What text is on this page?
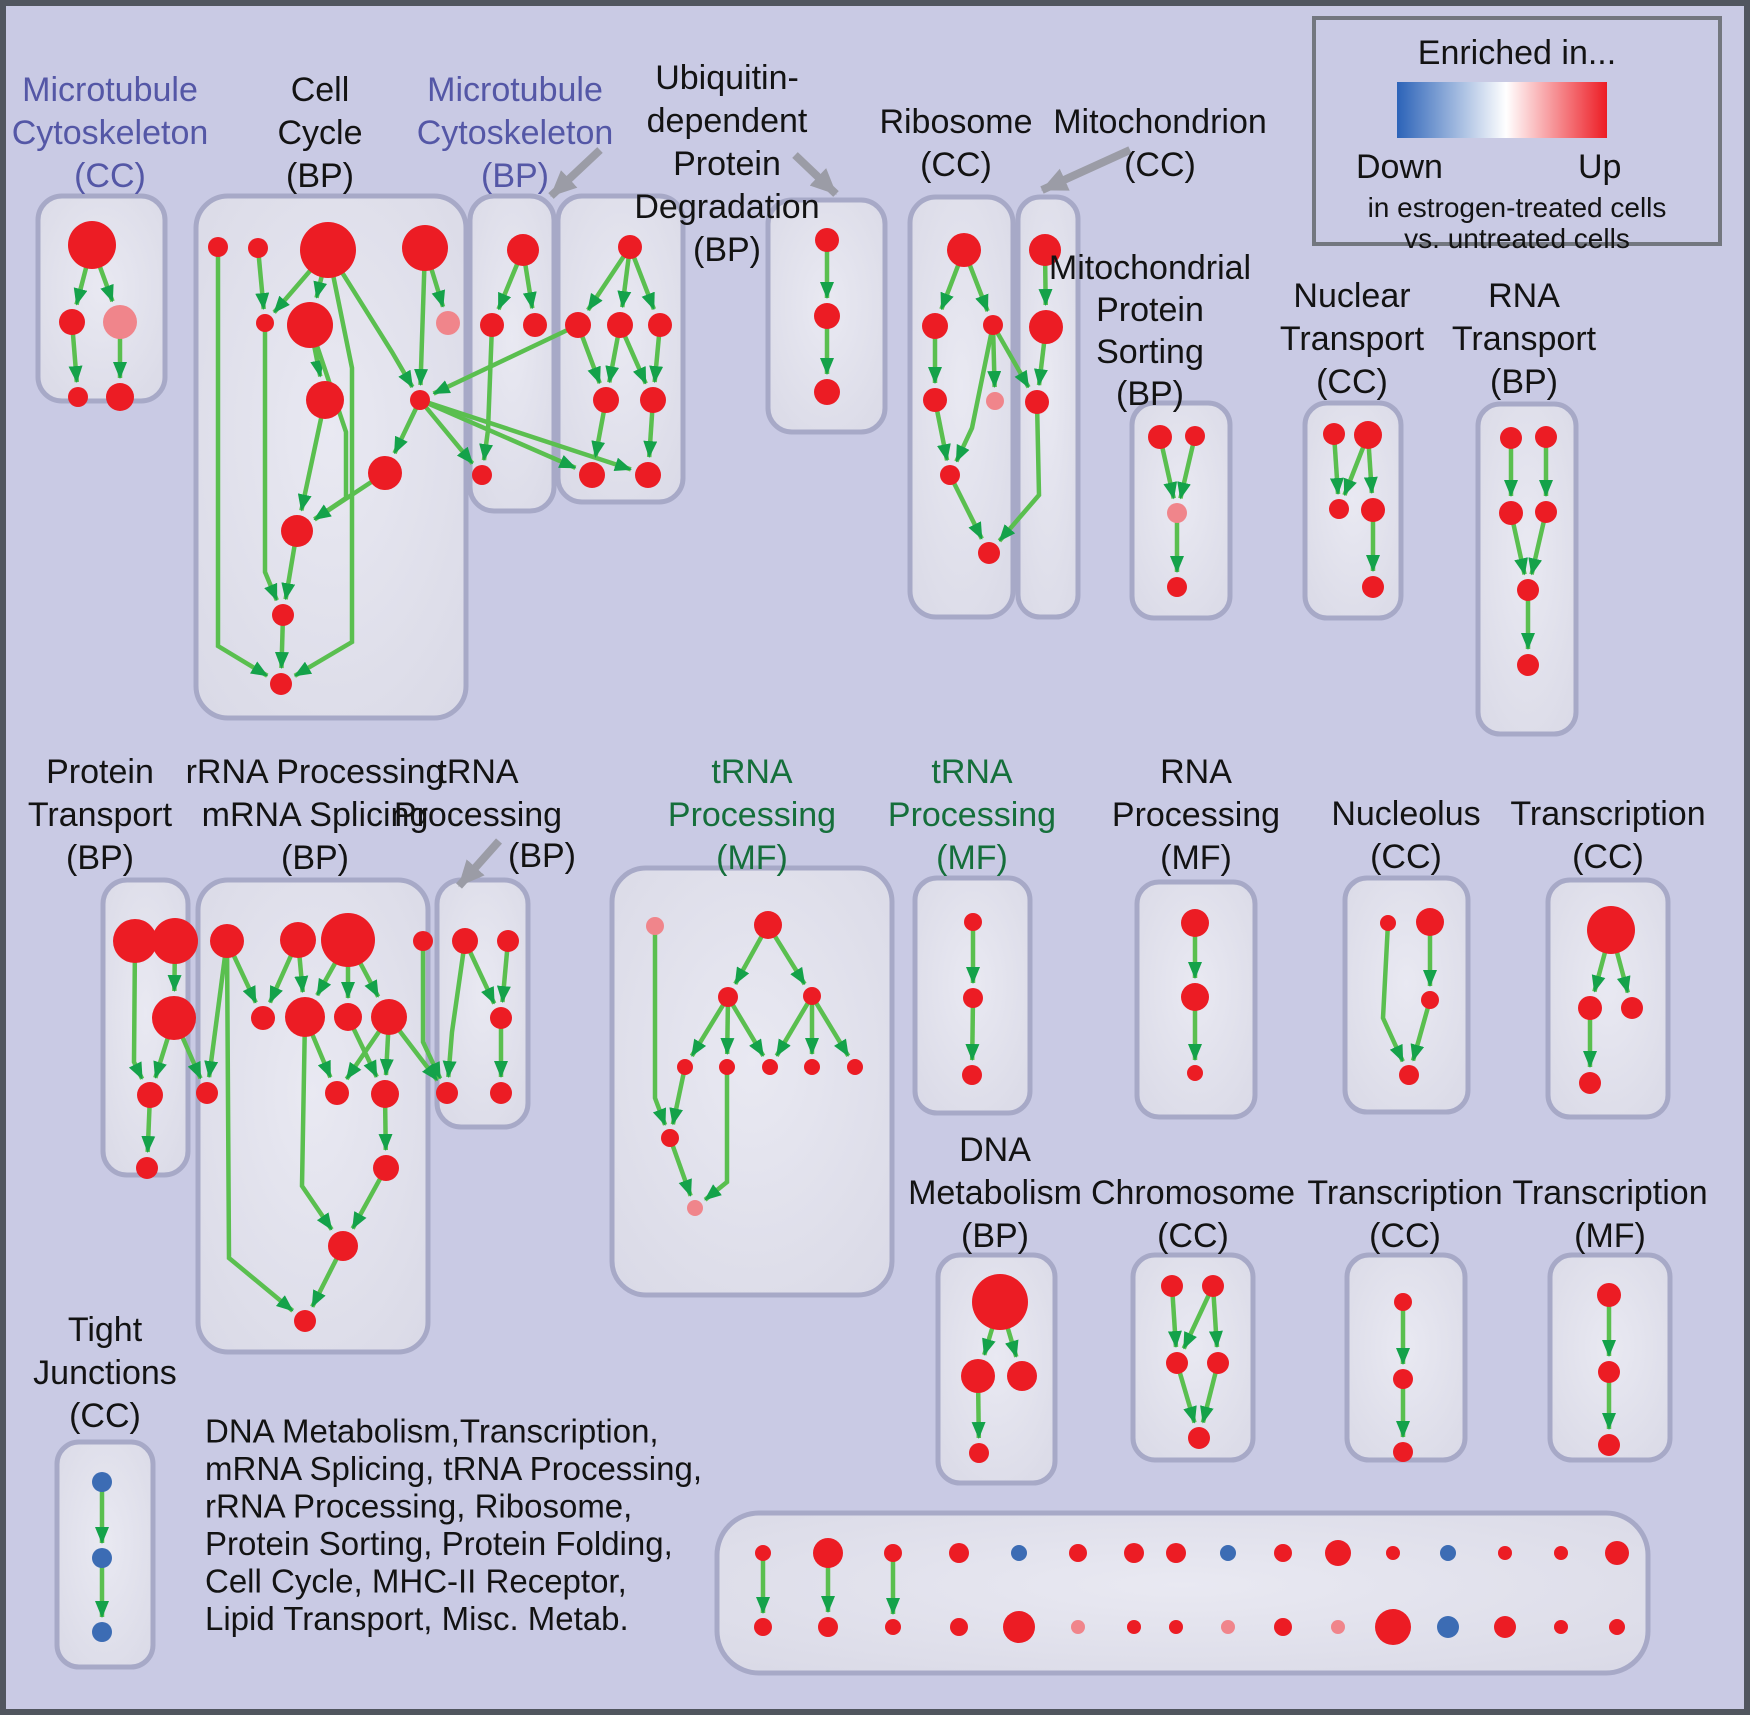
Microtubule
Cytoskeleton
(CC)
Cell
Cycle
(BP)
Microtubule
Cytoskeleton
(BP)
Ubiquitin-
dependent
Protein
Degradation
(BP)
Ribosome
(CC)
Mitochondrion
(CC)
Mitochondrial
Protein
Sorting
(BP)
Nuclear
Transport
(CC)
RNA
Transport
(BP)
Protein
Transport
(BP)
rRNA Processing
mRNA Splicing
(BP)
tRNA
Processing
(BP)
tRNA
Processing
(MF)
tRNA
Processing
(MF)
RNA
Processing
(MF)
Nucleolus
(CC)
Transcription
(CC)
DNA
Metabolism
(BP)
Chromosome
(CC)
Transcription
(CC)
Transcription
(MF)
Tight
Junctions
(CC) DNA Metabolism,Transcription,
mRNA Splicing, tRNA Processing,
rRNA Processing, Ribosome,
Protein Sorting, Protein Folding,
Cell Cycle, MHC-II Receptor,
Lipid Transport, Misc. Metab.
Enriched in...
Down	Up
in estrogen-treated cells
vs. untreated cells
